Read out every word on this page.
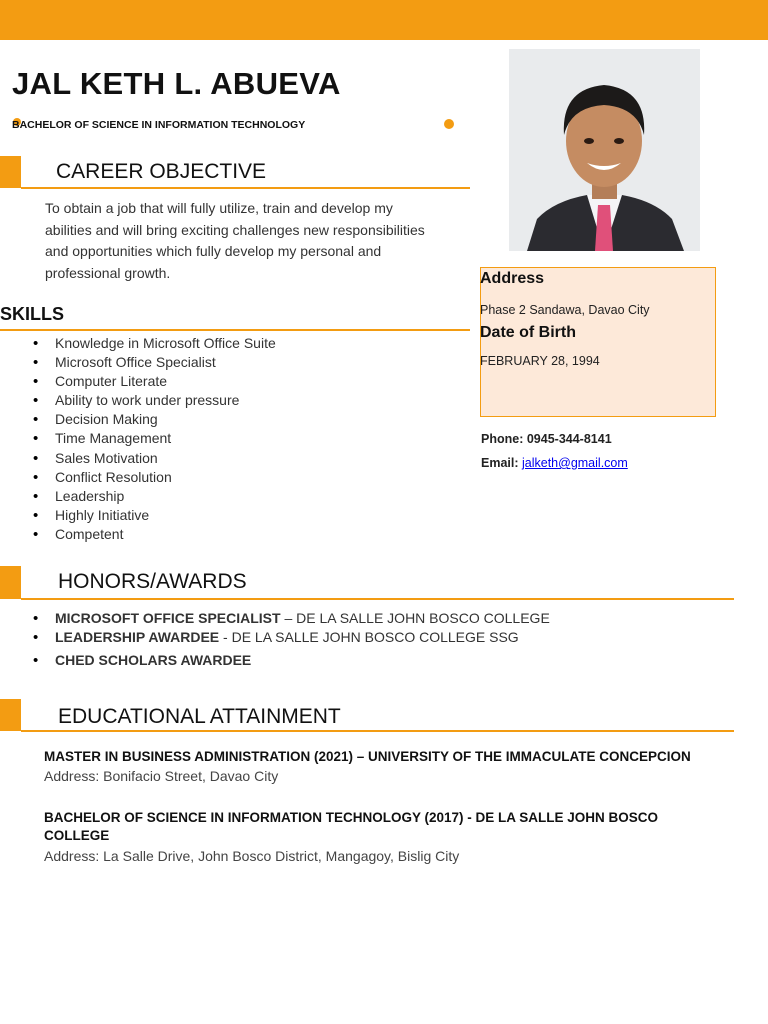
JAL KETH L. ABUEVA
BACHELOR OF SCIENCE IN INFORMATION TECHNOLOGY
CAREER OBJECTIVE
To obtain a job that will fully utilize, train and develop my
abilities and will bring exciting challenges new responsibilities
and opportunities which fully develop my personal and
professional growth.
SKILLS
• Knowledge in Microsoft Office Suite
• Microsoft Office Specialist
• Computer Literate
• Ability to work under pressure
• Decision Making
• Time Management
• Sales Motivation
• Conflict Resolution
• Leadership
• Highly Initiative
• Competent
Address
Phase 2 Sandawa, Davao City
Date of Birth
FEBRUARY 28, 1994
Phone: 0945-344-8141
Email: jalketh@gmail.com
HONORS/AWARDS
• MICROSOFT OFFICE SPECIALIST – DE LA SALLE JOHN BOSCO COLLEGE
• LEADERSHIP AWARDEE - DE LA SALLE JOHN BOSCO COLLEGE SSG
• CHED SCHOLARS AWARDEE
EDUCATIONAL ATTAINMENT
MASTER IN BUSINESS ADMINISTRATION (2021) – UNIVERSITY OF THE IMMACULATE CONCEPCION
Address: Bonifacio Street, Davao City
BACHELOR OF SCIENCE IN INFORMATION TECHNOLOGY (2017) - DE LA SALLE JOHN BOSCO COLLEGE
Address: La Salle Drive, John Bosco District, Mangagoy, Bislig City
